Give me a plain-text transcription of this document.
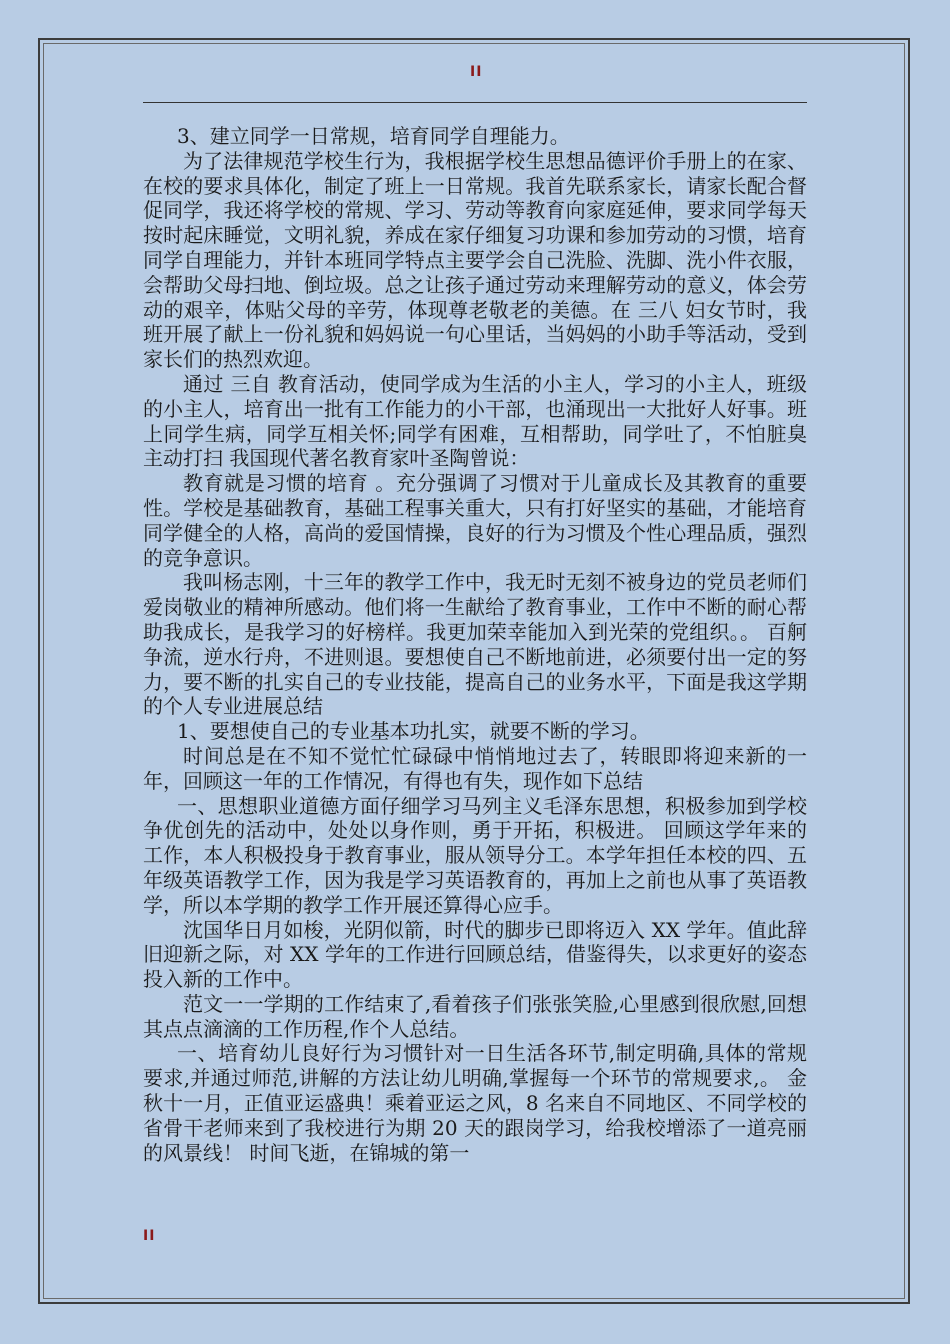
II

3、建立同学一日常规，培育同学自理能力。

为了法律规范学校生行为，我根据学校生思想品德评价手册上的在家、在校的要求具体化，制定了班上一日常规。我首先联系家长，请家长配合督促同学，我还将学校的常规、学习、劳动等教育向家庭延伸，要求同学每天按时起床睡觉，文明礼貌，养成在家仔细复习功课和参加劳动的习惯，培育同学自理能力，并针本班同学特点主要学会自己洗脸、洗脚、洗小件衣服，会帮助父母扫地、倒垃圾。总之让孩子通过劳动来理解劳动的意义，体会劳动的艰辛，体贴父母的辛劳，体现尊老敬老的美德。在 三八 妇女节时，我班开展了献上一份礼貌和妈妈说一句心里话，当妈妈的小助手等活动，受到家长们的热烈欢迎。

通过 三自 教育活动，使同学成为生活的小主人，学习的小主人，班级的小主人，培育出一批有工作能力的小干部，也涌现出一大批好人好事。班上同学生病，同学互相关怀;同学有困难，互相帮助，同学吐了，不怕脏臭主动打扫 我国现代著名教育家叶圣陶曾说：

教育就是习惯的培育 。充分强调了习惯对于儿童成长及其教育的重要性。学校是基础教育，基础工程事关重大，只有打好坚实的基础，才能培育同学健全的人格，高尚的爱国情操，良好的行为习惯及个性心理品质，强烈的竞争意识。

我叫杨志刚，十三年的教学工作中，我无时无刻不被身边的党员老师们爱岗敬业的精神所感动。他们将一生献给了教育事业，工作中不断的耐心帮助我成长，是我学习的好榜样。我更加荣幸能加入到光荣的党组织。。 百舸争流，逆水行舟，不进则退。要想使自己不断地前进，必须要付出一定的努力，要不断的扎实自己的专业技能，提高自己的业务水平，下面是我这学期的个人专业进展总结

1、要想使自己的专业基本功扎实，就要不断的学习。

时间总是在不知不觉忙忙碌碌中悄悄地过去了，转眼即将迎来新的一年，回顾这一年的工作情况，有得也有失，现作如下总结

一、思想职业道德方面仔细学习马列主义毛泽东思想，积极参加到学校争优创先的活动中，处处以身作则，勇于开拓，积极进。 回顾这学年来的工作，本人积极投身于教育事业，服从领导分工。本学年担任本校的四、五年级英语教学工作，因为我是学习英语教育的，再加上之前也从事了英语教学，所以本学期的教学工作开展还算得心应手。

沈国华日月如梭，光阴似箭，时代的脚步已即将迈入 XX 学年。值此辞旧迎新之际，对 XX 学年的工作进行回顾总结，借鉴得失，以求更好的姿态投入新的工作中。

范文一一学期的工作结束了,看着孩子们张张笑脸,心里感到很欣慰,回想其点点滴滴的工作历程,作个人总结。

一、培育幼儿良好行为习惯针对一日生活各环节,制定明确,具体的常规要求,并通过师范,讲解的方法让幼儿明确,掌握每一个环节的常规要求,。 金秋十一月，正值亚运盛典！乘着亚运之风，8 名来自不同地区、不同学校的省骨干老师来到了我校进行为期 20 天的跟岗学习，给我校增添了一道亮丽的风景线！ 时间飞逝，在锦城的第一

II
